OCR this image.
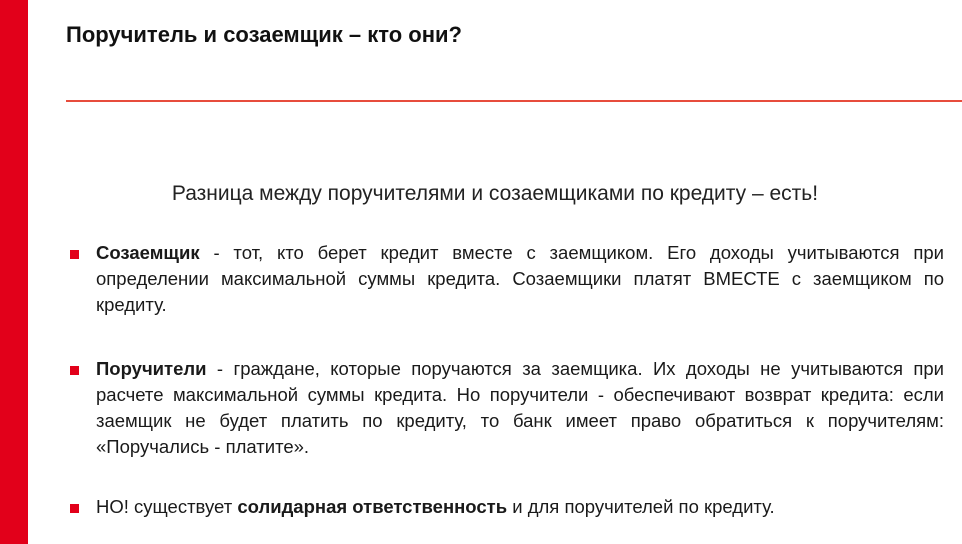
Поручитель и созаемщик – кто они?
Разница между поручителями и созаемщиками по кредиту – есть!
Созаемщик - тот, кто берет кредит вместе с заемщиком. Его доходы учитываются при определении максимальной суммы кредита. Созаемщики платят ВМЕСТЕ с заемщиком по кредиту.
Поручители - граждане, которые поручаются за заемщика. Их доходы не учитываются при расчете максимальной суммы кредита. Но поручители - обеспечивают возврат кредита: если заемщик не будет платить по кредиту, то банк имеет право обратиться к поручителям: «Поручались - платите».
НО! существует солидарная ответственность и для поручителей по кредиту.
